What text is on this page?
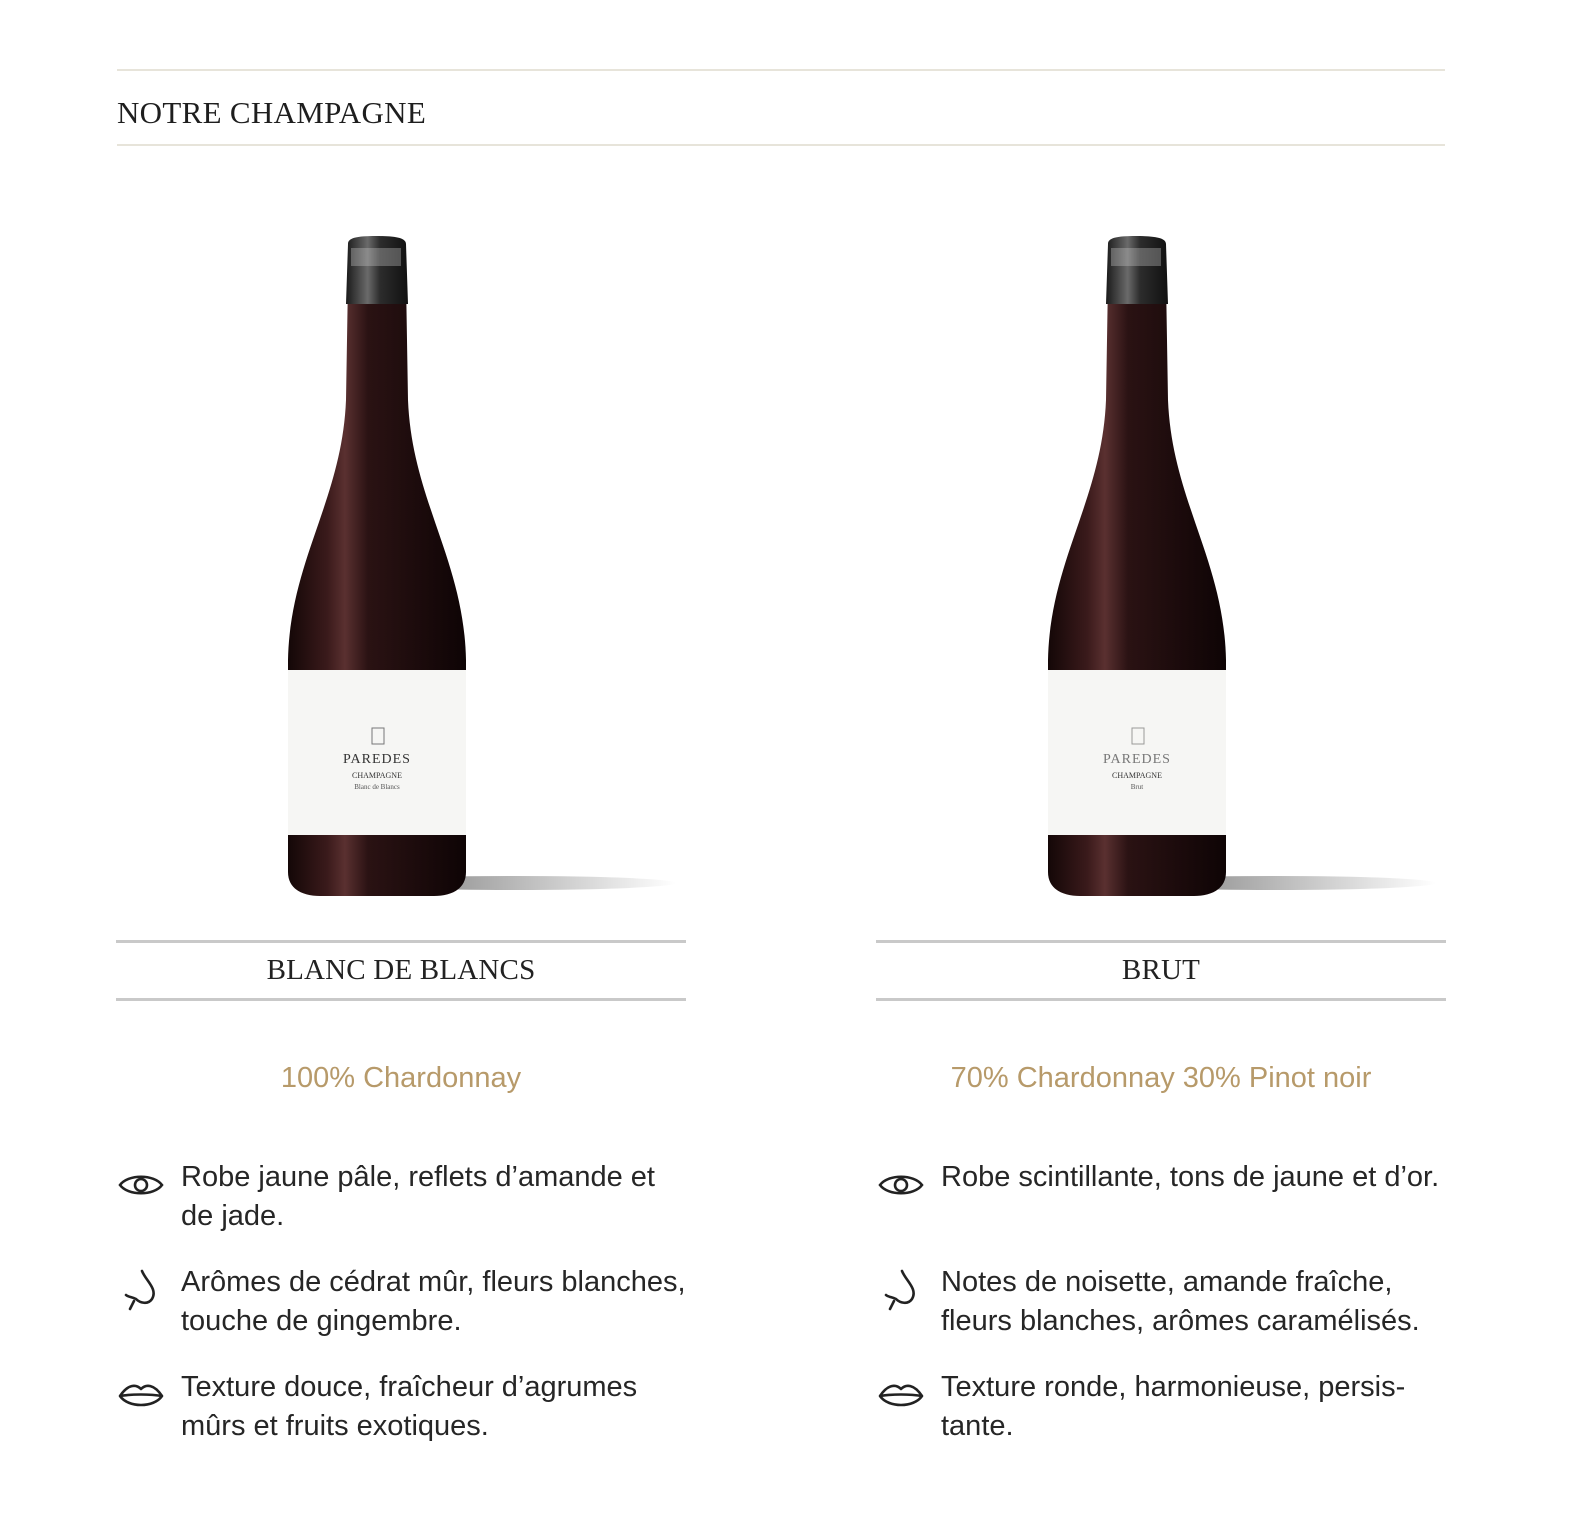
NOTRE CHAMPAGNE
PAREDES
CHAMPAGNE
Blanc de Blancs
BLANC DE BLANCS
100% Chardonnay
Robe jaune pâle, reflets d’amande et de jade.
Arômes de cédrat mûr, fleurs blanches, touche de gingembre.
Texture douce, fraîcheur d’agrumes mûrs et fruits exotiques.
PAREDES
CHAMPAGNE
Brut
BRUT
70% Chardonnay 30% Pinot noir
Robe scintillante, tons de jaune et d’or.
Notes de noisette, amande fraîche, fleurs blanches, arômes caramélisés.
Texture ronde, harmonieuse, persis-tante.
